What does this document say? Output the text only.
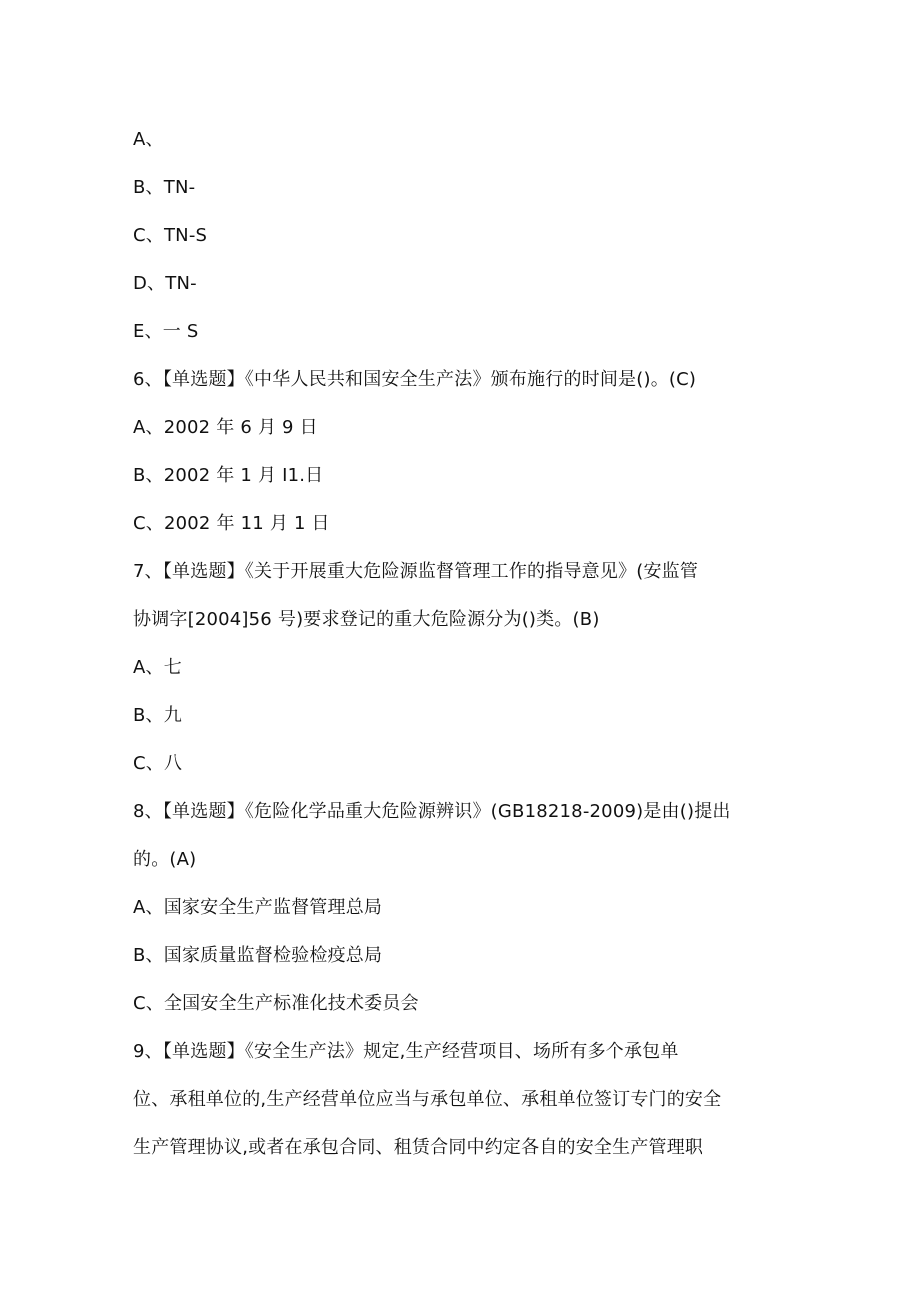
A、
B、TN-
C、TN-S
D、TN-
E、一 S
6、【单选题】《中华人民共和国安全生产法》颁布施行的时间是()。(C)
A、2002 年 6 月 9 日
B、2002 年 1 月 I1.日
C、2002 年 11 月 1 日
7、【单选题】《关于开展重大危险源监督管理工作的指导意见》(安监管
协调字[2004]56 号)要求登记的重大危险源分为()类。(B)
A、七
B、九
C、八
8、【单选题】《危险化学品重大危险源辨识》(GB18218-2009)是由()提出
的。(A)
A、国家安全生产监督管理总局
B、国家质量监督检验检疫总局
C、全国安全生产标准化技术委员会
9、【单选题】《安全生产法》规定,生产经营项目、场所有多个承包单
位、承租单位的,生产经营单位应当与承包单位、承租单位签订专门的安全
生产管理协议,或者在承包合同、租赁合同中约定各自的安全生产管理职
